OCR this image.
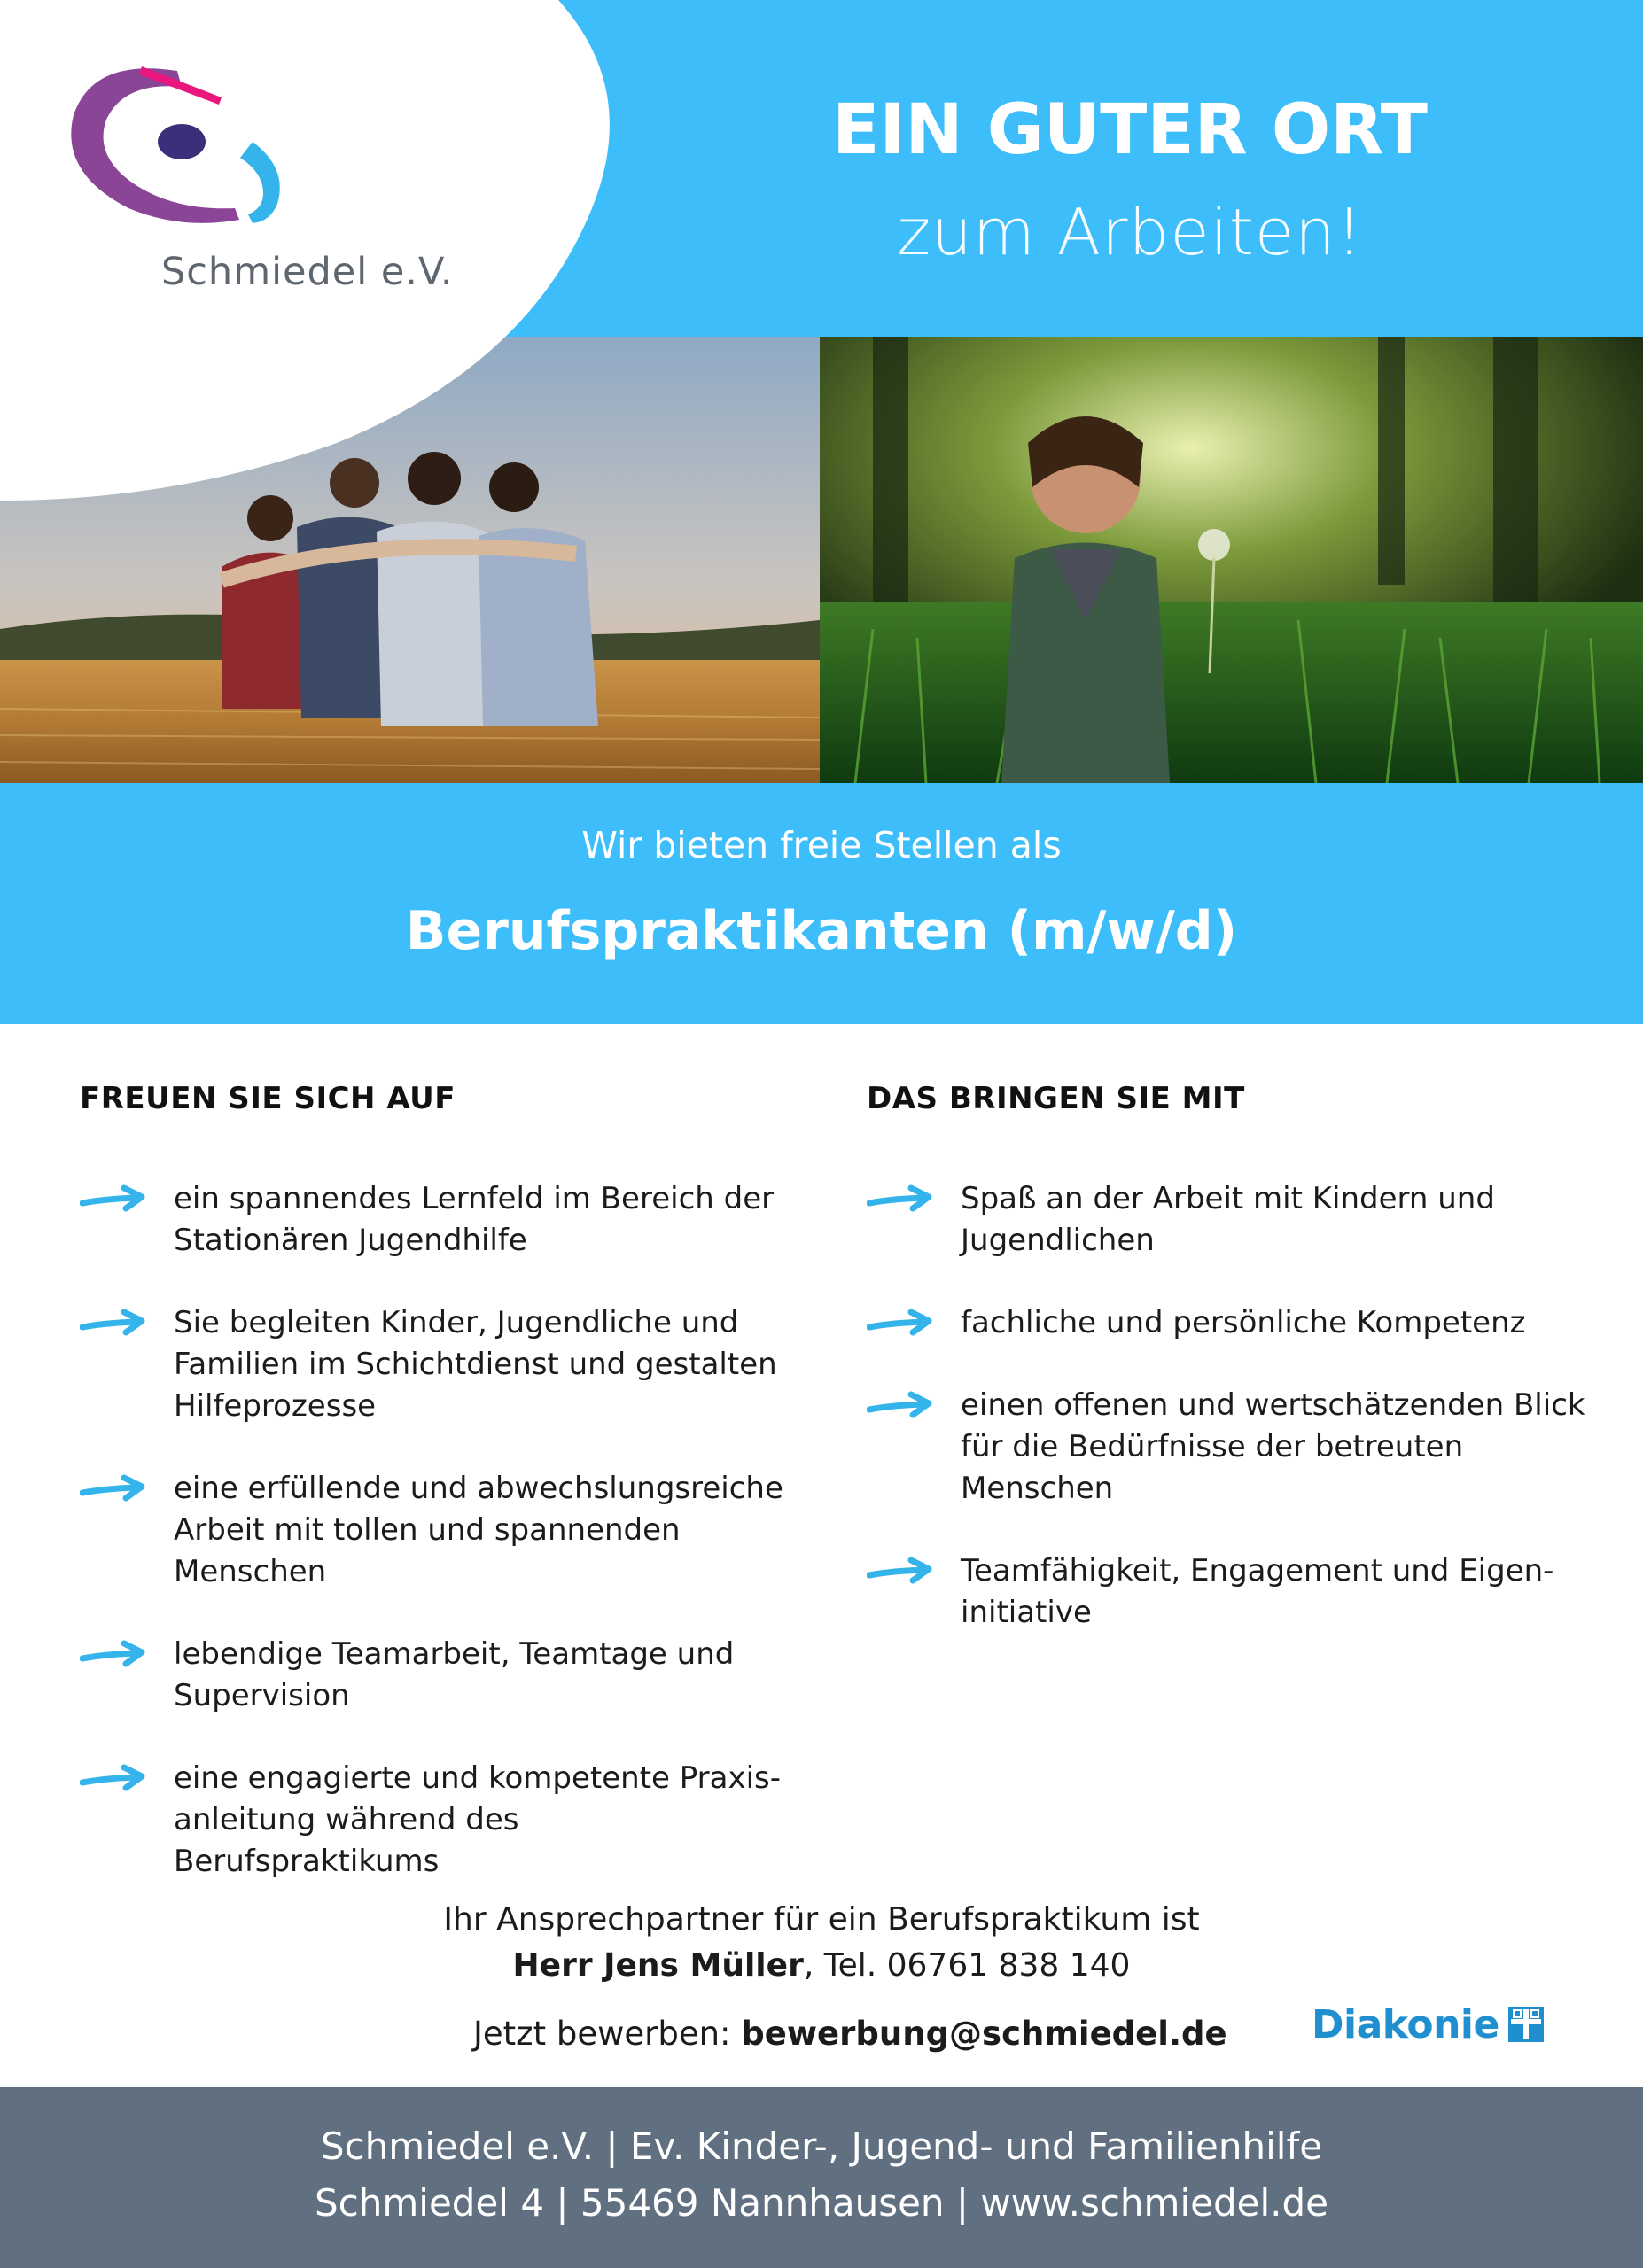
Schmiedel e.V.
EIN GUTER ORT
zum Arbeiten!
Wir bieten freie Stellen als
Berufspraktikanten (m/w/d)
FREUEN SIE SICH AUF
ein spannendes Lernfeld im Bereich der
Stationären Jugendhilfe
Sie begleiten Kinder, Jugendliche und
Familien im Schichtdienst und gestalten
Hilfeprozesse
eine erfüllende und abwechslungsreiche
Arbeit mit tollen und spannenden
Menschen
lebendige Teamarbeit, Teamtage und
Supervision
eine engagierte und kompetente Praxis-
anleitung während des Berufspraktikums
DAS BRINGEN SIE MIT
Spaß an der Arbeit mit Kindern und
Jugendlichen
fachliche und persönliche Kompetenz
einen offenen und wertschätzenden Blick
für die Bedürfnisse der betreuten
Menschen
Teamfähigkeit, Engagement und Eigen-
initiative
Ihr Ansprechpartner für ein Berufspraktikum ist
Herr Jens Müller, Tel. 06761 838 140
Jetzt bewerben: bewerbung@schmiedel.de Diakonie
Schmiedel e.V. | Ev. Kinder-, Jugend- und Familienhilfe
Schmiedel 4 | 55469 Nannhausen | www.schmiedel.de
